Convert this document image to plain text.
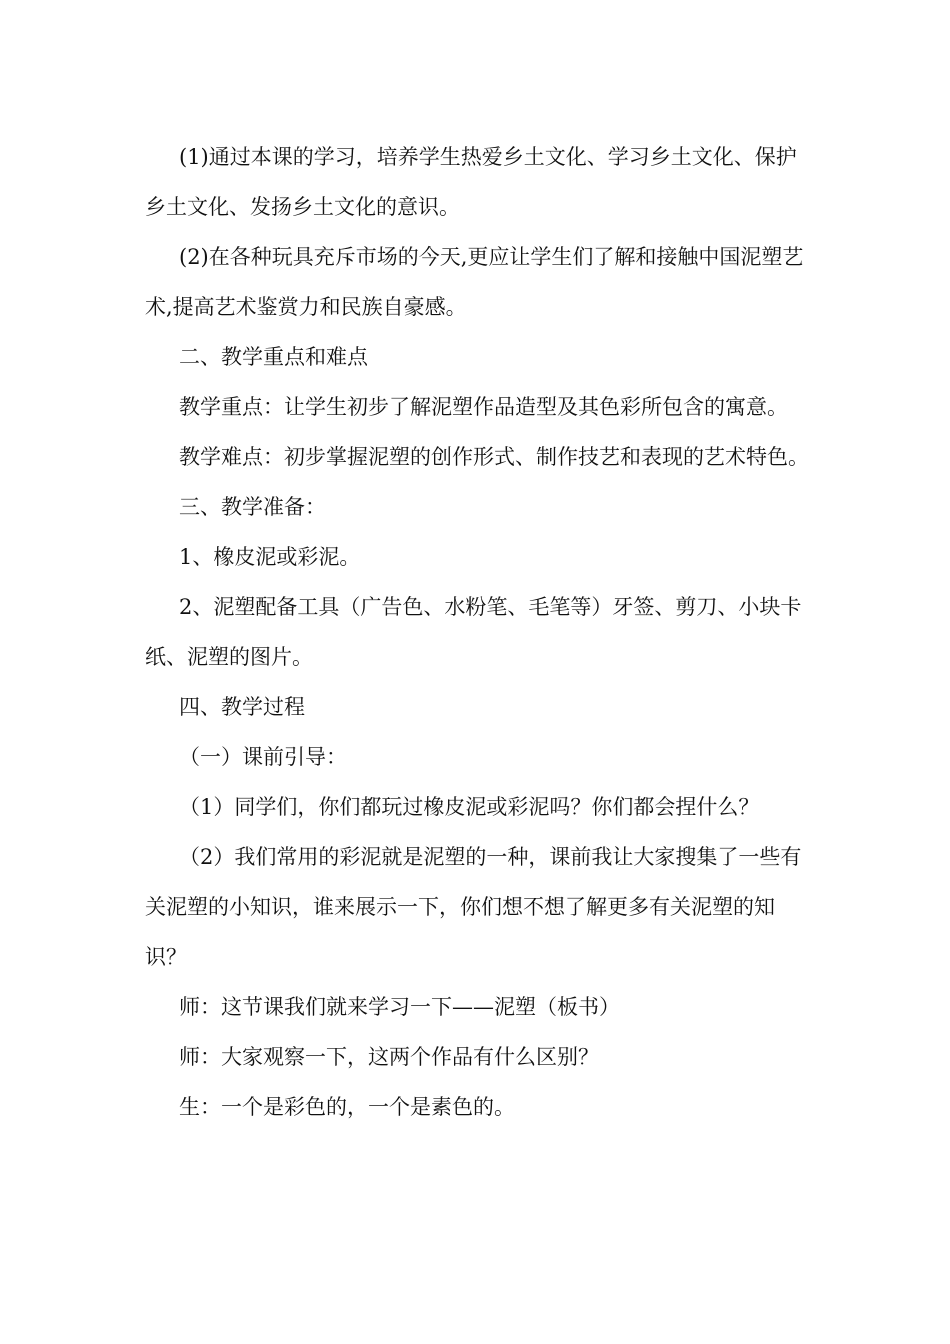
(1)通过本课的学习，培养学生热爱乡土文化、学习乡土文化、保护乡土文化、发扬乡土文化的意识。

(2)在各种玩具充斥市场的今天,更应让学生们了解和接触中国泥塑艺术,提高艺术鉴赏力和民族自豪感。

二、教学重点和难点

教学重点：让学生初步了解泥塑作品造型及其色彩所包含的寓意。

教学难点：初步掌握泥塑的创作形式、制作技艺和表现的艺术特色。

三、教学准备：

1、橡皮泥或彩泥。

2、泥塑配备工具（广告色、水粉笔、毛笔等）牙签、剪刀、小块卡纸、泥塑的图片。

四、教学过程

（一）课前引导：

（1）同学们，你们都玩过橡皮泥或彩泥吗？你们都会捏什么？

（2）我们常用的彩泥就是泥塑的一种，课前我让大家搜集了一些有关泥塑的小知识，谁来展示一下，你们想不想了解更多有关泥塑的知识？

师：这节课我们就来学习一下——泥塑（板书）

师：大家观察一下，这两个作品有什么区别？

生：一个是彩色的，一个是素色的。
